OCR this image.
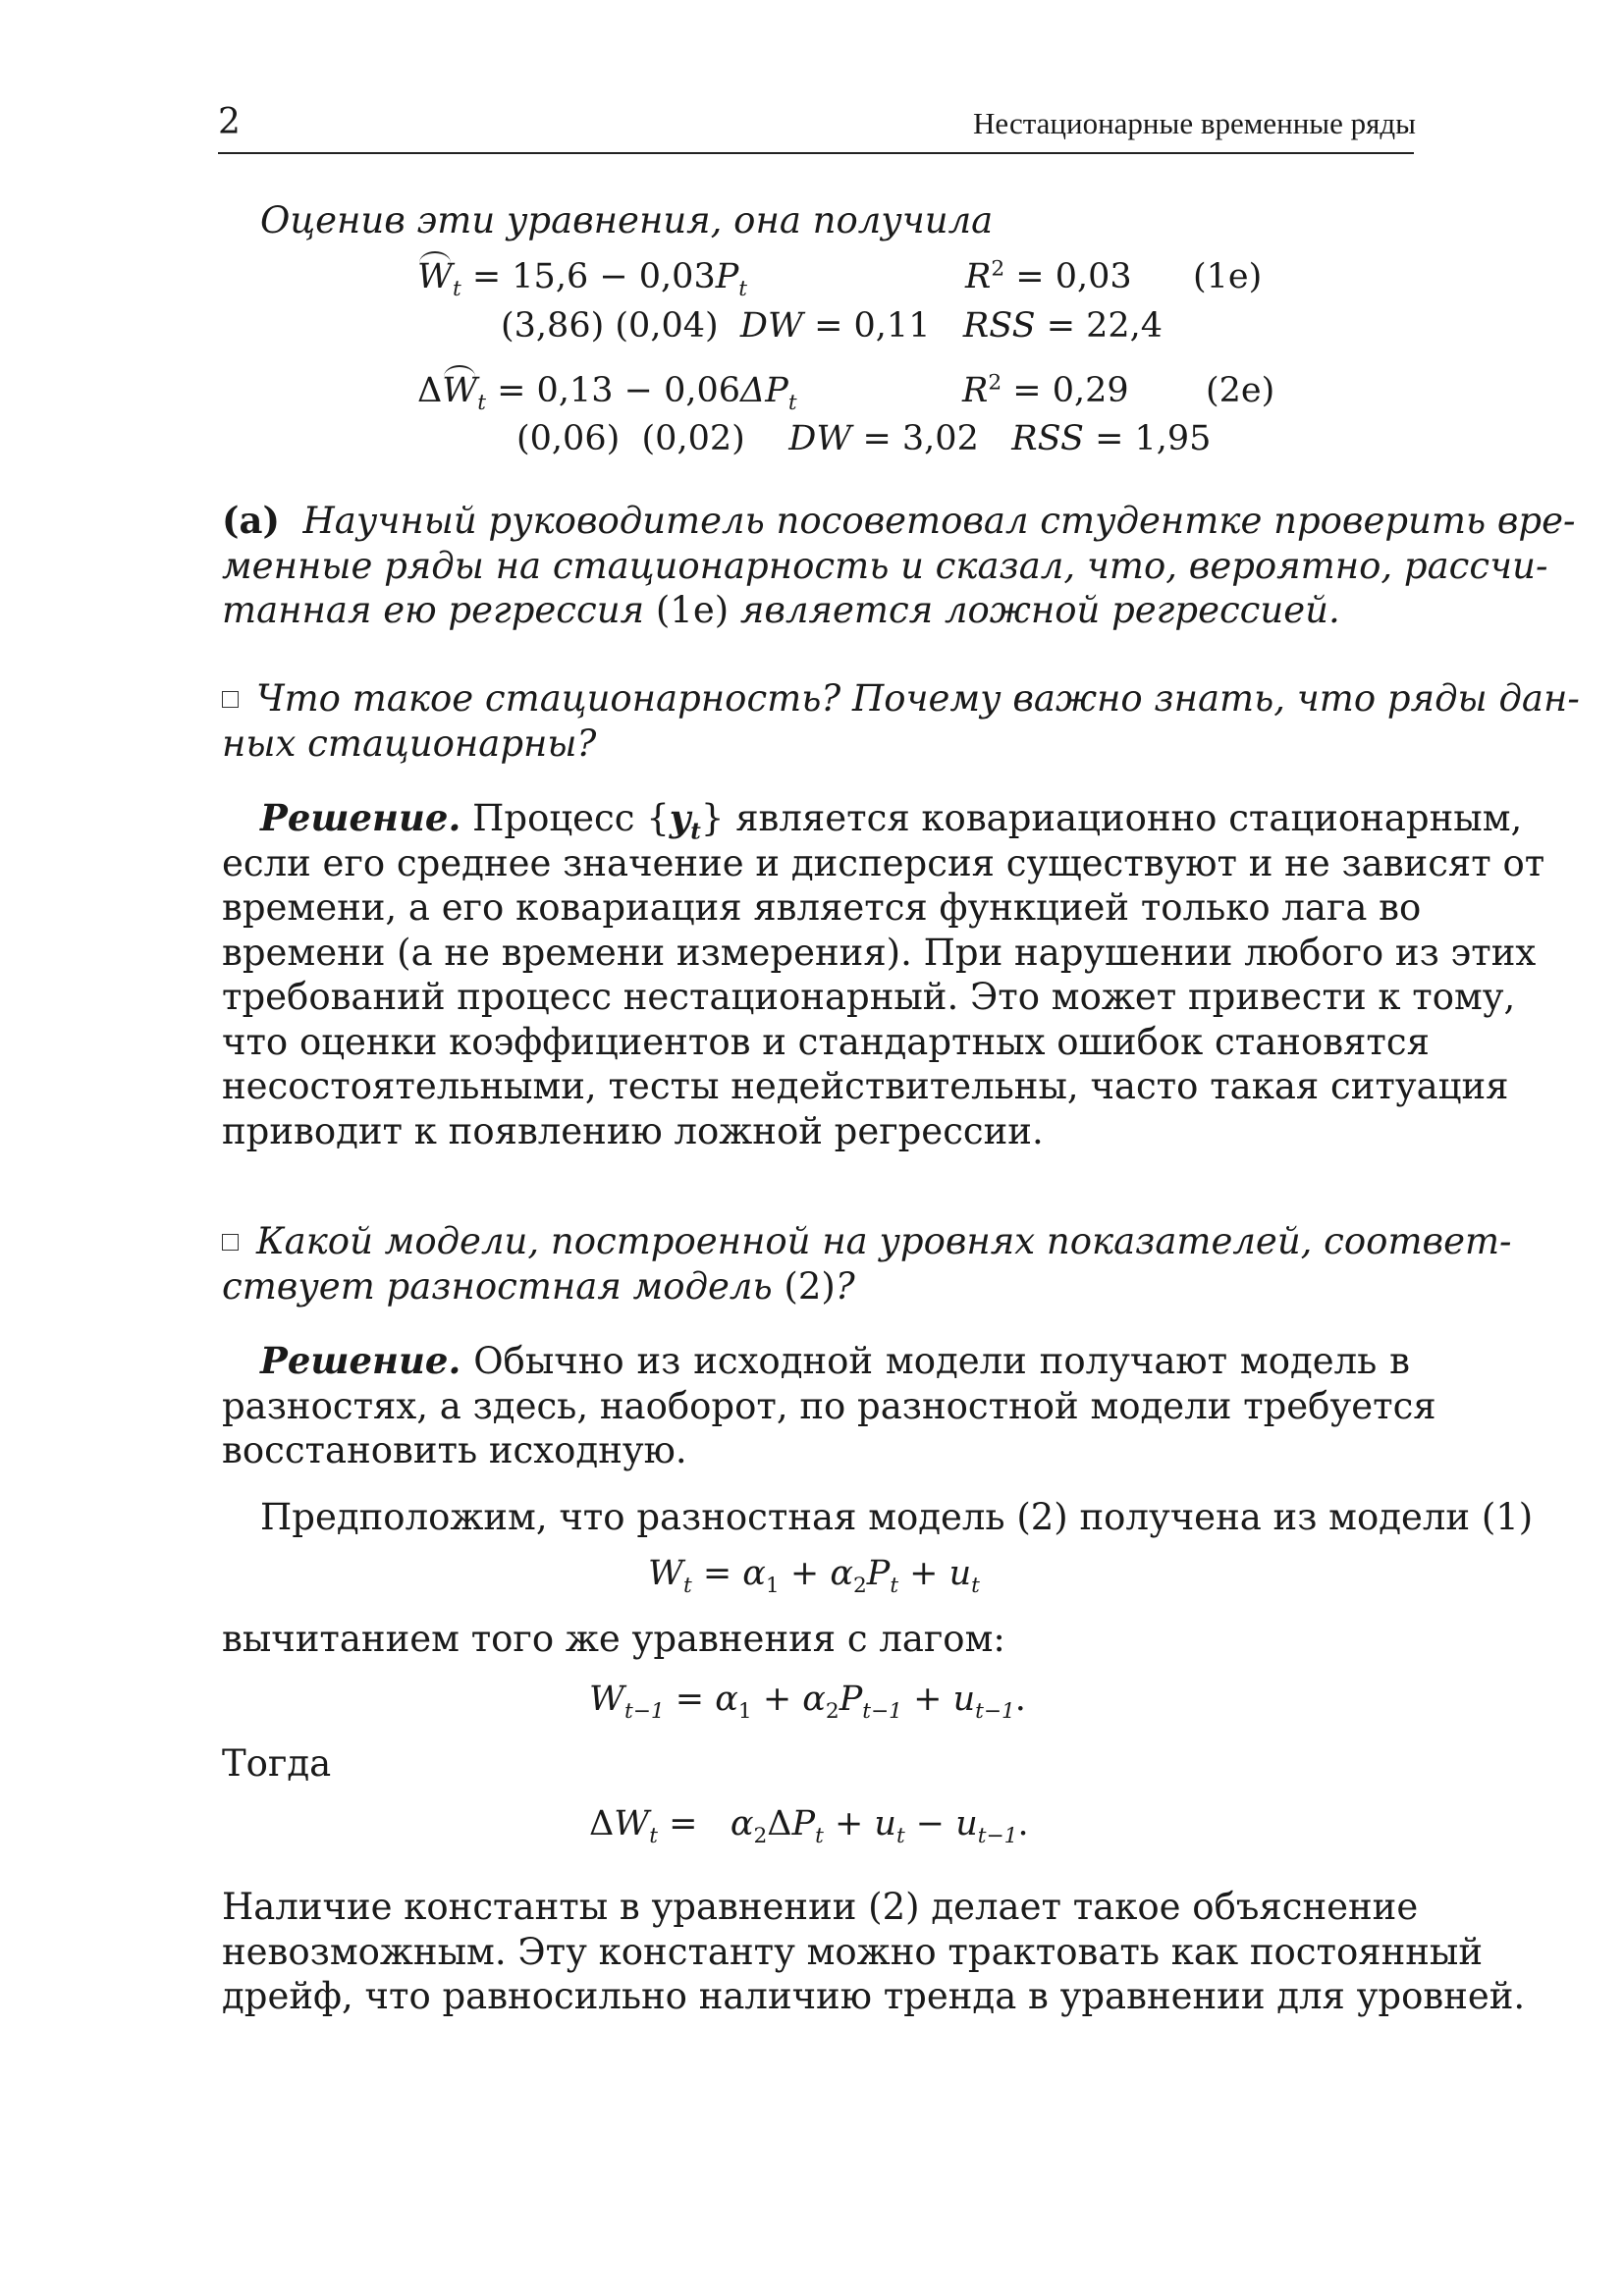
2	Нестационарные временные ряды
Оценив эти уравнения, она получила
$W_t = 15,6 - 0,03P_t$	$R^2 = 0,03$ (1е)
(3,86) (0,04) DW = 0,11 RSS = 22,4
$\Delta W_t = 0,13 - 0,06\Delta P_t$	$R^2 = 0,29$ (2е)
(0,06) (0,02) DW = 3,02 RSS = 1,95
(а) Научный руководитель посоветовал студентке проверить вре-
менные ряды на стационарность и сказал, что, вероятно, рассчи-
танная ею регрессия (1е) является ложной регрессией.
Что такое стационарность? Почему важно знать, что ряды дан-
ных стационарны?
Решение. Процесс $\{y_t\}$ является ковариационно стационарным,
если его среднее значение и дисперсия существуют и не зависят от
времени, а его ковариация является функцией только лага во
времени (а не времени измерения). При нарушении любого из этих
требований процесс нестационарный. Это может привести к тому,
что оценки коэффициентов и стандартных ошибок становятся
несостоятельными, тесты недействительны, часто такая ситуация
приводит к появлению ложной регрессии.
Какой модели, построенной на уровнях показателей, соответ-
ствует разностная модель (2)?
Решение. Обычно из исходной модели получают модель в
разностях, а здесь, наоборот, по разностной модели требуется
восстановить исходную.
Предположим, что разностная модель (2) получена из модели (1)
$W_t = \alpha_1 + \alpha_2P_t + u_t$
вычитанием того же уравнения с лагом:
$W_{t-1} = \alpha_1 + \alpha_2P_{t-1} + u_{t-1}$.
Тогда
$\Delta W_t = \alpha_2\Delta P_t + u_t - u_{t-1}$.
Наличие константы в уравнении (2) делает такое объяснение
невозможным. Эту константу можно трактовать как постоянный
дрейф, что равносильно наличию тренда в уравнении для уровней.
